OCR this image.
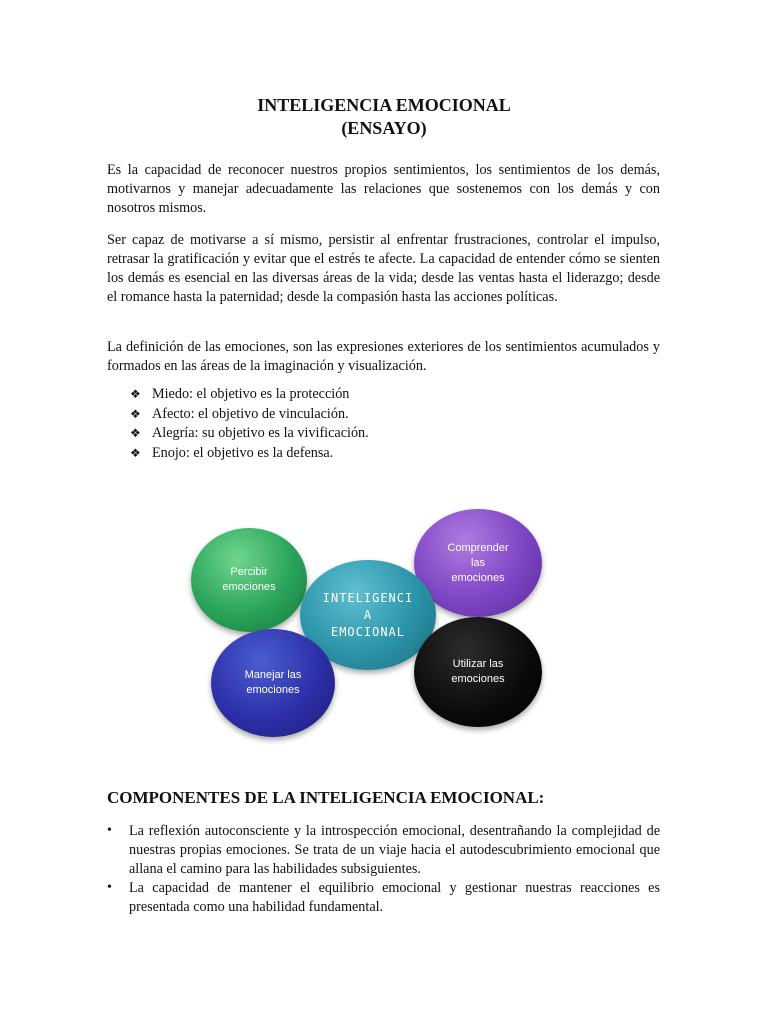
INTELIGENCIA EMOCIONAL
(ENSAYO)

Es la capacidad de reconocer nuestros propios sentimientos, los sentimientos de los demás, motivarnos y manejar adecuadamente las relaciones que sostenemos con los demás y con nosotros mismos.

Ser capaz de motivarse a sí mismo, persistir al enfrentar frustraciones, controlar el impulso, retrasar la gratificación y evitar que el estrés te afecte. La capacidad de entender cómo se sienten los demás es esencial en las diversas áreas de la vida; desde las ventas hasta el liderazgo; desde el romance hasta la paternidad; desde la compasión hasta las acciones políticas.

La definición de las emociones, son las expresiones exteriores de los sentimientos acumulados y formados en las áreas de la imaginación y visualización.

❖ Miedo: el objetivo es la protección
❖ Afecto: el objetivo de vinculación.
❖ Alegría: su objetivo es la vivificación.
❖ Enojo: el objetivo es la defensa.
Percibir
emociones
Comprender
las
emociones
INTELIGENCI
A
EMOCIONAL
Manejar las
emociones
Utilizar las
emociones
COMPONENTES DE LA INTELIGENCIA EMOCIONAL:
•	La reflexión autoconsciente y la introspección emocional, desentrañando la complejidad de nuestras propias emociones. Se trata de un viaje hacia el autodescubrimiento emocional que allana el camino para las habilidades subsiguientes.
•	La capacidad de mantener el equilibrio emocional y gestionar nuestras reacciones es presentada como una habilidad fundamental.
